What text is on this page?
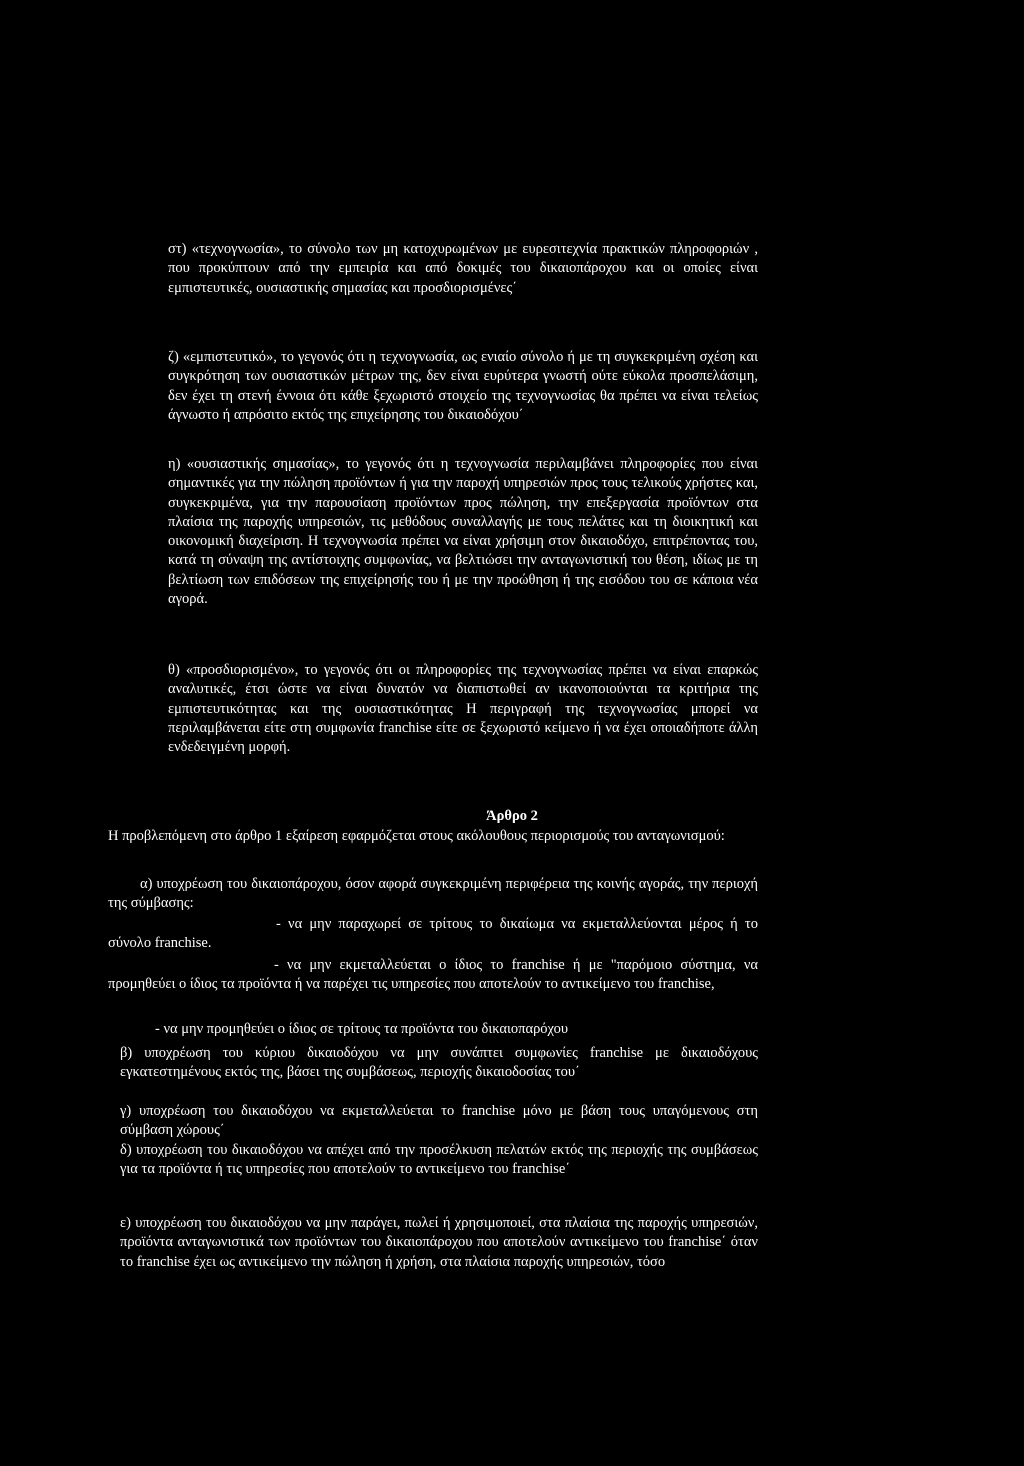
στ) «τεχνογνωσία», το σύνολο των μη κατοχυρωμένων με ευρεσιτεχνία πρακτικών πληροφοριών , που προκύπτουν από την εμπειρία και από δοκιμές του δικαιοπάροχου και οι οποίες είναι εμπιστευτικές, ουσιαστικής σημασίας και προσδιορισμένες΄

ζ) «εμπιστευτικό», το γεγονός ότι η τεχνογνωσία, ως ενιαίο σύνολο ή με τη συγκεκριμένη σχέση και συγκρότηση των ουσιαστικών μέτρων της, δεν είναι ευρύτερα γνωστή ούτε εύκολα προσπελάσιμη, δεν έχει τη στενή έννοια ότι κάθε ξεχωριστό στοιχείο της τεχνογνωσίας θα πρέπει να είναι τελείως άγνωστο ή απρόσιτο εκτός της επιχείρησης του δικαιοδόχου΄

η) «ουσιαστικής σημασίας», το γεγονός ότι η τεχνογνωσία περιλαμβάνει πληροφορίες που είναι σημαντικές για την πώληση προϊόντων ή για την παροχή υπηρεσιών προς τους τελικούς χρήστες και, συγκεκριμένα, για την παρουσίαση προϊόντων προς πώληση, την επεξεργασία προϊόντων στα πλαίσια της παροχής υπηρεσιών, τις μεθόδους συναλλαγής με τους πελάτες και τη διοικητική και οικονομική διαχείριση. Η τεχνογνωσία πρέπει να είναι χρήσιμη στον δικαιοδόχο, επιτρέποντας του, κατά τη σύναψη της αντίστοιχης συμφωνίας, να βελτιώσει την ανταγωνιστική του θέση, ιδίως με τη βελτίωση των επιδόσεων της επιχείρησής του ή με την προώθηση ή της εισόδου του σε κάποια νέα αγορά.

θ) «προσδιορισμένο», το γεγονός ότι οι πληροφορίες της τεχνογνωσίας πρέπει να είναι επαρκώς αναλυτικές, έτσι ώστε να είναι δυνατόν να διαπιστωθεί αν ικανοποιούνται τα κριτήρια της εμπιστευτικότητας και της ουσιαστικότητας Η περιγραφή της τεχνογνωσίας μπορεί να περιλαμβάνεται είτε στη συμφωνία franchise είτε σε ξεχωριστό κείμενο ή να έχει οποιαδήποτε άλλη ενδεδειγμένη μορφή.

Άρθρο 2

Η προβλεπόμενη στο άρθρο 1 εξαίρεση εφαρμόζεται στους ακόλουθους περιορισμούς του ανταγωνισμού:

α) υποχρέωση του δικαιοπάροχου, όσον αφορά συγκεκριμένη περιφέρεια της κοινής αγοράς, την περιοχή της σύμβασης:

- να μην παραχωρεί σε τρίτους το δικαίωμα να εκμεταλλεύονται μέρος ή το σύνολο franchise.

- να μην εκμεταλλεύεται ο ίδιος το franchise ή με "παρόμοιο σύστημα, να προμηθεύει ο ίδιος τα προϊόντα ή να παρέχει τις υπηρεσίες που αποτελούν το αντικείμενο του franchise,

- να μην προμηθεύει ο ίδιος σε τρίτους τα προϊόντα του δικαιοπαρόχου

β) υποχρέωση του κύριου δικαιοδόχου να μην συνάπτει συμφωνίες franchise με δικαιοδόχους εγκατεστημένους εκτός της, βάσει της συμβάσεως, περιοχής δικαιοδοσίας του΄

γ) υποχρέωση του δικαιοδόχου να εκμεταλλεύεται το franchise μόνο με βάση τους υπαγόμενους στη σύμβαση χώρους΄

δ) υποχρέωση του δικαιοδόχου να απέχει από την προσέλκυση πελατών εκτός της περιοχής της συμβάσεως για τα προϊόντα ή τις υπηρεσίες που αποτελούν το αντικείμενο του franchise΄

ε) υποχρέωση του δικαιοδόχου να μην παράγει, πωλεί ή χρησιμοποιεί, στα πλαίσια της παροχής υπηρεσιών, προϊόντα ανταγωνιστικά των προϊόντων του δικαιοπάροχου που αποτελούν αντικείμενο του franchise΄ όταν το franchise έχει ως αντικείμενο την πώληση ή χρήση, στα πλαίσια παροχής υπηρεσιών, τόσο
